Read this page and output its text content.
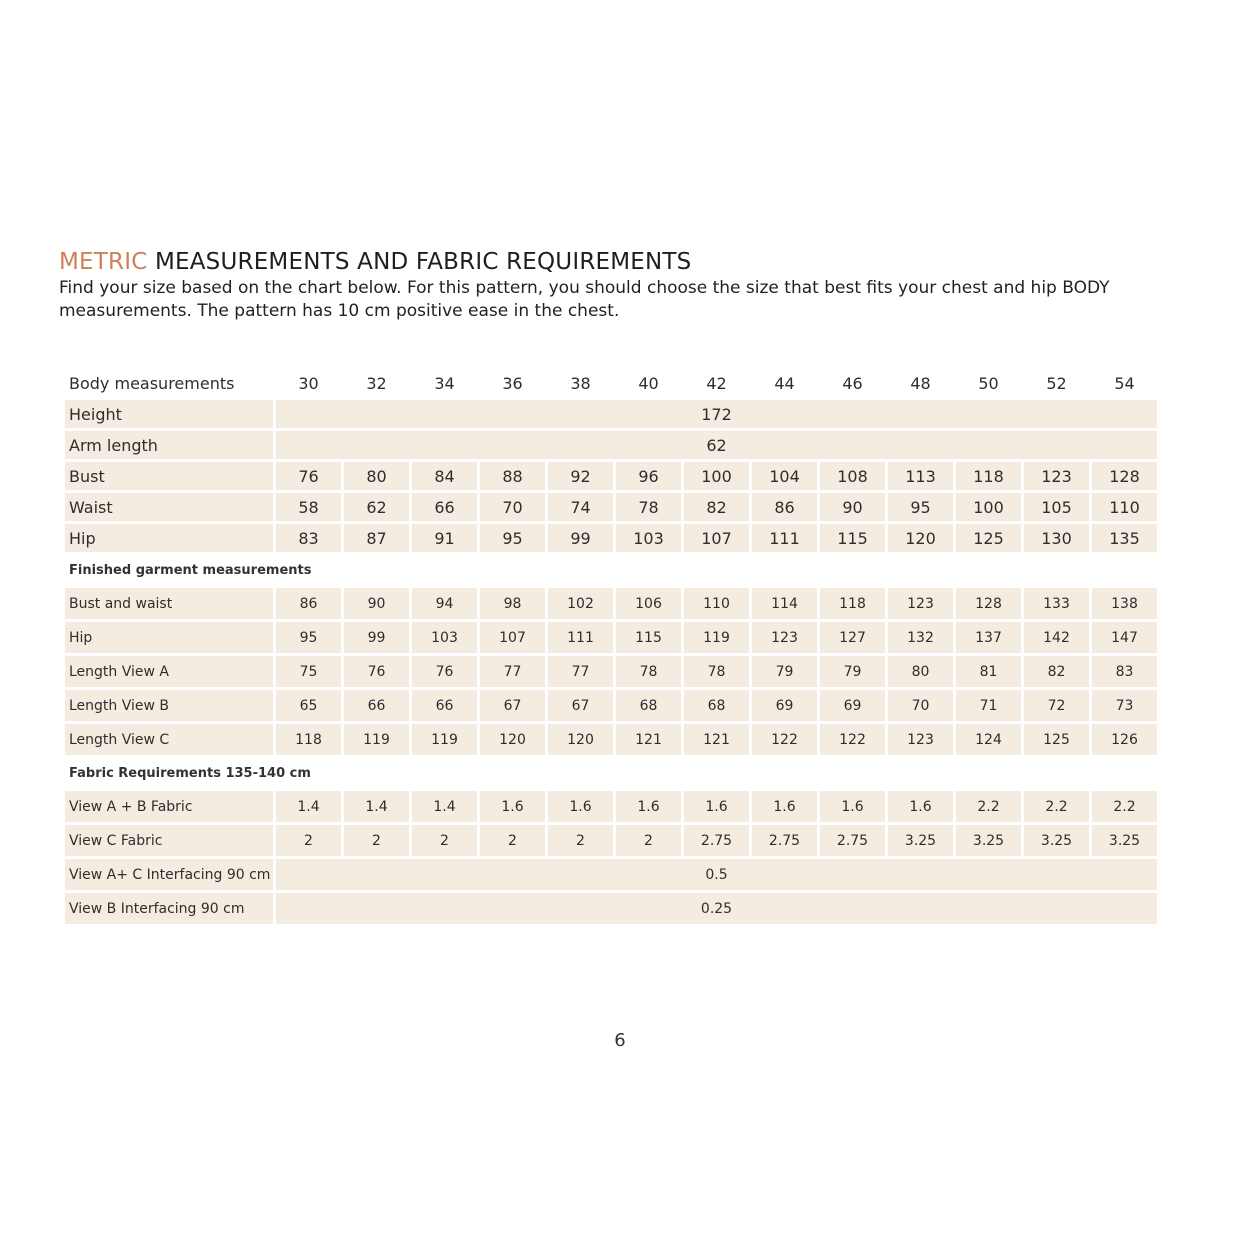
METRIC MEASUREMENTS AND FABRIC REQUIREMENTS

Find your size based on the chart below. For this pattern, you should choose the size that best fits your chest and hip BODY measurements. The pattern has 10 cm positive ease in the chest.

Body measurements	30	32	34	36	38	40	42	44	46	48	50	52	54
Height	172												
Arm length	62												
Bust	76	80	84	88	92	96	100	104	108	113	118	123	128
Waist	58	62	66	70	74	78	82	86	90	95	100	105	110
Hip	83	87	91	95	99	103	107	111	115	120	125	130	135
Finished garment measurements													
Bust and waist	86	90	94	98	102	106	110	114	118	123	128	133	138
Hip	95	99	103	107	111	115	119	123	127	132	137	142	147
Length View A	75	76	76	77	77	78	78	79	79	80	81	82	83
Length View B	65	66	66	67	67	68	68	69	69	70	71	72	73
Length View C	118	119	119	120	120	121	121	122	122	123	124	125	126
Fabric Requirements 135-140 cm													
View A + B Fabric	1.4	1.4	1.4	1.6	1.6	1.6	1.6	1.6	1.6	1.6	2.2	2.2	2.2
View C Fabric	2	2	2	2	2	2	2.75	2.75	2.75	3.25	3.25	3.25	3.25
View A+ C Interfacing 90 cm	0.5												
View B Interfacing 90 cm	0.25												
6
